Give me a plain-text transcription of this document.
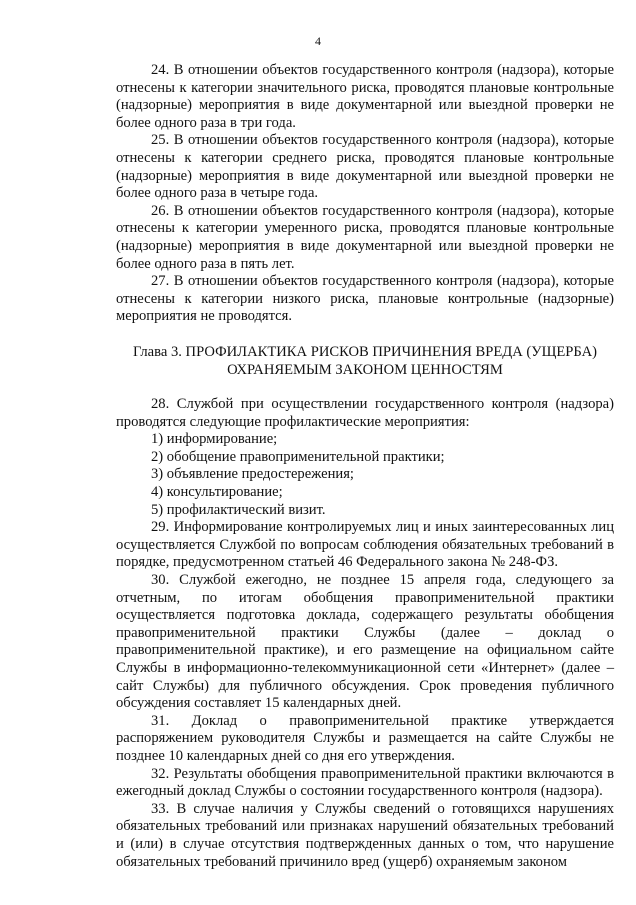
4

24. В отношении объектов государственного контроля (надзора), которые отнесены к категории значительного риска, проводятся плановые контрольные (надзорные) мероприятия в виде документарной или выездной проверки не более одного раза в три года.

25. В отношении объектов государственного контроля (надзора), которые отнесены к категории среднего риска, проводятся плановые контрольные (надзорные) мероприятия в виде документарной или выездной проверки не более одного раза в четыре года.

26. В отношении объектов государственного контроля (надзора), которые отнесены к категории умеренного риска, проводятся плановые контрольные (надзорные) мероприятия в виде документарной или выездной проверки не более одного раза в пять лет.

27. В отношении объектов государственного контроля (надзора), которые отнесены к категории низкого риска, плановые контрольные (надзорные) мероприятия не проводятся.

Глава 3. ПРОФИЛАКТИКА РИСКОВ ПРИЧИНЕНИЯ ВРЕДА (УЩЕРБА)
ОХРАНЯЕМЫМ ЗАКОНОМ ЦЕННОСТЯМ

28. Службой при осуществлении государственного контроля (надзора) проводятся следующие профилактические мероприятия:

1) информирование;

2) обобщение правоприменительной практики;

3) объявление предостережения;

4) консультирование;

5) профилактический визит.

29. Информирование контролируемых лиц и иных заинтересованных лиц осуществляется Службой по вопросам соблюдения обязательных требований в порядке, предусмотренном статьей 46 Федерального закона № 248-ФЗ.

30. Службой ежегодно, не позднее 15 апреля года, следующего за отчетным, по итогам обобщения правоприменительной практики осуществляется подготовка доклада, содержащего результаты обобщения правоприменительной практики Службы (далее – доклад о правоприменительной практике), и его размещение на официальном сайте Службы в информационно-телекоммуникационной сети «Интернет» (далее – сайт Службы) для публичного обсуждения. Срок проведения публичного обсуждения составляет 15 календарных дней.

31. Доклад о правоприменительной практике утверждается распоряжением руководителя Службы и размещается на сайте Службы не позднее 10 календарных дней со дня его утверждения.

32. Результаты обобщения правоприменительной практики включаются в ежегодный доклад Службы о состоянии государственного контроля (надзора).

33. В случае наличия у Службы сведений о готовящихся нарушениях обязательных требований или признаках нарушений обязательных требований и (или) в случае отсутствия подтвержденных данных о том, что нарушение обязательных требований причинило вред (ущерб) охраняемым законом
